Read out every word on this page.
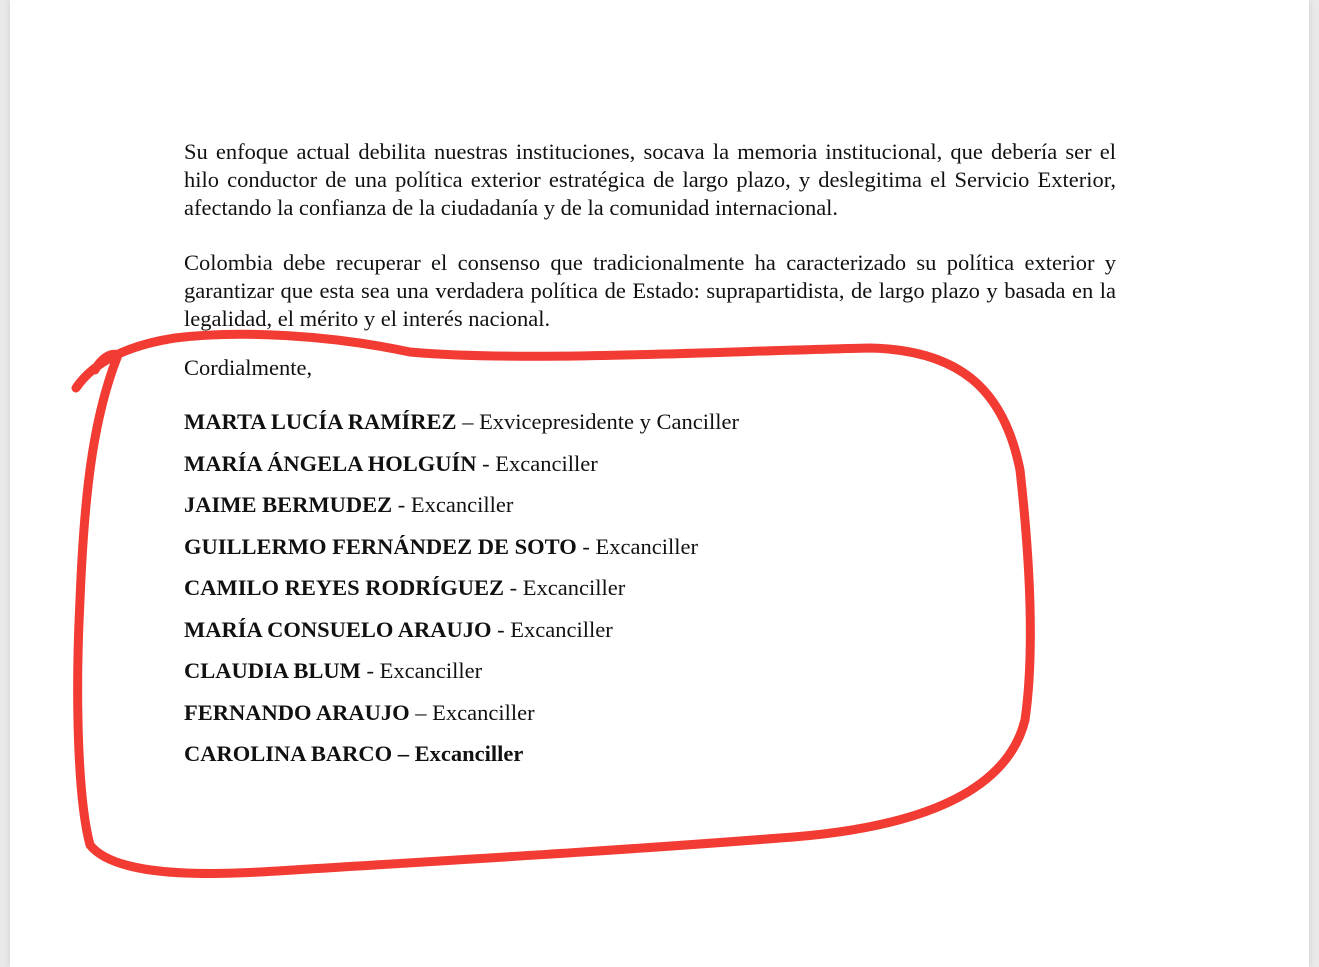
Su enfoque actual debilita nuestras instituciones, socava la memoria institucional, que debería ser el hilo conductor de una política exterior estratégica de largo plazo, y deslegitima el Servicio Exterior, afectando la confianza de la ciudadanía y de la comunidad internacional.

Colombia debe recuperar el consenso que tradicionalmente ha caracterizado su política exterior y garantizar que esta sea una verdadera política de Estado: suprapartidista, de largo plazo y basada en la legalidad, el mérito y el interés nacional.

Cordialmente,

MARTA LUCÍA RAMÍREZ – Exvicepresidente y Canciller
MARÍA ÁNGELA HOLGUÍN - Excanciller
JAIME BERMUDEZ - Excanciller
GUILLERMO FERNÁNDEZ DE SOTO - Excanciller
CAMILO REYES RODRÍGUEZ - Excanciller
MARÍA CONSUELO ARAUJO - Excanciller
CLAUDIA BLUM - Excanciller
FERNANDO ARAUJO – Excanciller
CAROLINA BARCO – Excanciller
